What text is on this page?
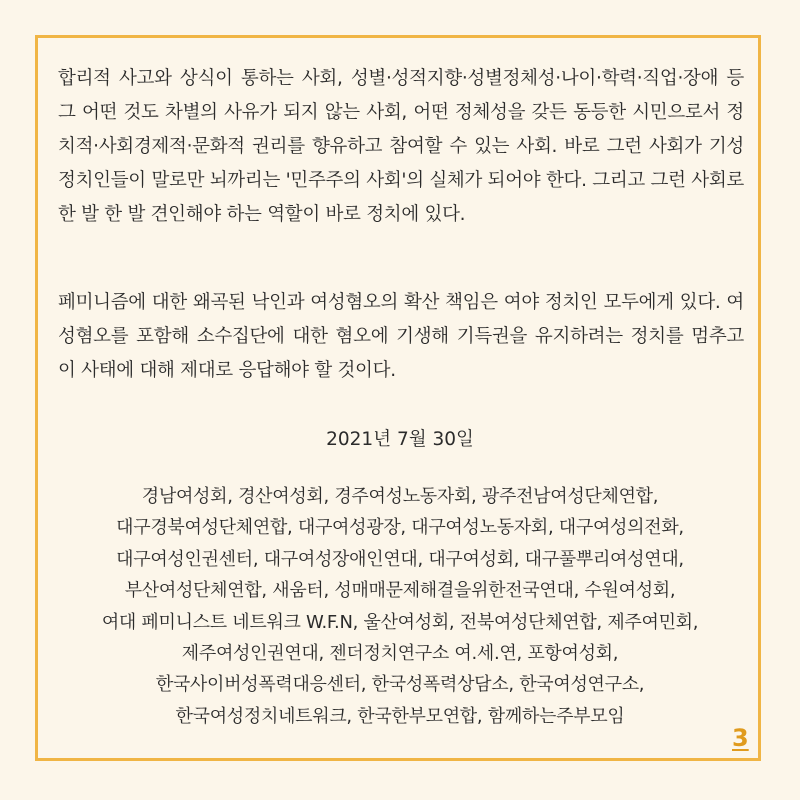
합리적 사고와 상식이 통하는 사회, 성별·성적지향·성별정체성·나이·학력·직업·장애 등 그 어떤 것도 차별의 사유가 되지 않는 사회, 어떤 정체성을 갖든 동등한 시민으로서 정치적·사회경제적·문화적 권리를 향유하고 참여할 수 있는 사회. 바로 그런 사회가 기성정치인들이 말로만 뇌까리는 '민주주의 사회'의 실체가 되어야 한다. 그리고 그런 사회로 한 발 한 발 견인해야 하는 역할이 바로 정치에 있다.

페미니즘에 대한 왜곡된 낙인과 여성혐오의 확산 책임은 여야 정치인 모두에게 있다. 여성혐오를 포함해 소수집단에 대한 혐오에 기생해 기득권을 유지하려는 정치를 멈추고 이 사태에 대해 제대로 응답해야 할 것이다.

2021년 7월 30일
경남여성회, 경산여성회, 경주여성노동자회, 광주전남여성단체연합,
대구경북여성단체연합, 대구여성광장, 대구여성노동자회, 대구여성의전화,
대구여성인권센터, 대구여성장애인연대, 대구여성회, 대구풀뿌리여성연대,
부산여성단체연합, 새움터, 성매매문제해결을위한전국연대, 수원여성회,
여대 페미니스트 네트워크 W.F.N, 울산여성회, 전북여성단체연합, 제주여민회,
제주여성인권연대, 젠더정치연구소 여.세.연, 포항여성회,
한국사이버성폭력대응센터, 한국성폭력상담소, 한국여성연구소,
한국여성정치네트워크, 한국한부모연합, 함께하는주부모임
3
